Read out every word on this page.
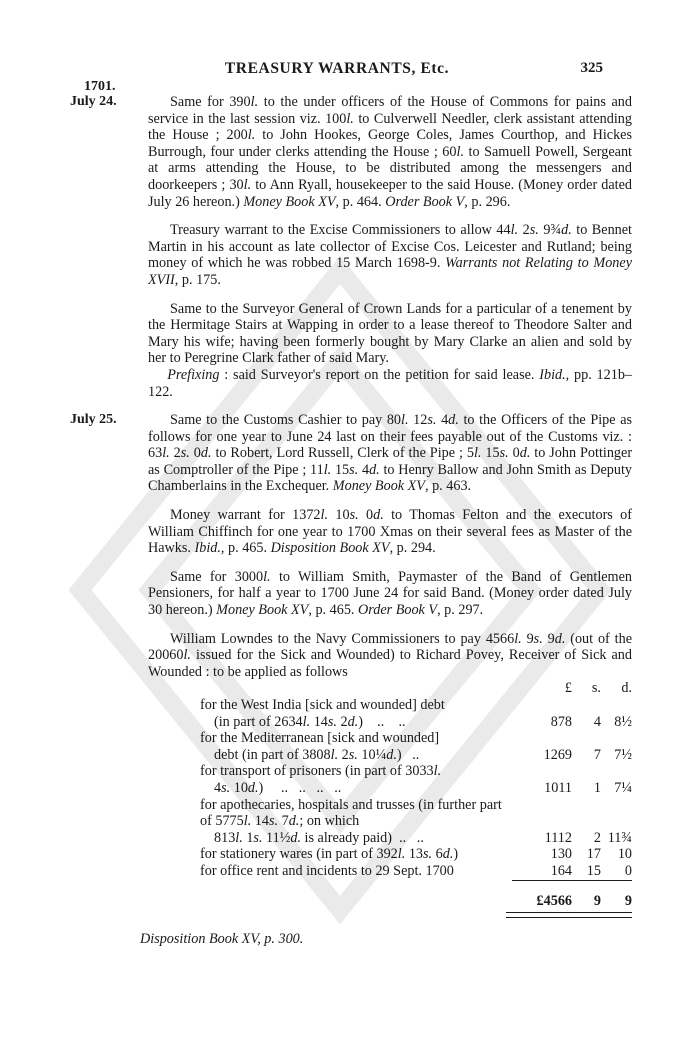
TREASURY WARRANTS, Etc.	325
1701.
July 24.	Same for 390l. to the under officers of the House of Commons for pains and service in the last session viz. 100l. to Culverwell Needler, clerk assistant attending the House ; 200l. to John Hookes, George Coles, James Courthop, and Hickes Burrough, four under clerks attending the House ; 60l. to Samuell Powell, Sergeant at arms attending the House, to be distributed among the messengers and doorkeepers ; 30l. to Ann Ryall, housekeeper to the said House. (Money order dated July 26 hereon.) Money Book XV, p. 464. Order Book V, p. 296.

Treasury warrant to the Excise Commissioners to allow 44l. 2s. 9¾d. to Bennet Martin in his account as late collector of Excise Cos. Leicester and Rutland; being money of which he was robbed 15 March 1698-9. Warrants not Relating to Money XVII, p. 175.

Same to the Surveyor General of Crown Lands for a particular of a tenement by the Hermitage Stairs at Wapping in order to a lease thereof to Theodore Salter and Mary his wife; having been formerly bought by Mary Clarke an alien and sold by her to Peregrine Clark father of said Mary.

Prefixing : said Surveyor's report on the petition for said lease. Ibid., pp. 121b–122.

July 25.	Same to the Customs Cashier to pay 80l. 12s. 4d. to the Officers of the Pipe as follows for one year to June 24 last on their fees payable out of the Customs viz. : 63l. 2s. 0d. to Robert, Lord Russell, Clerk of the Pipe ; 5l. 15s. 0d. to John Pottinger as Comptroller of the Pipe ; 11l. 15s. 4d. to Henry Ballow and John Smith as Deputy Chamberlains in the Exchequer. Money Book XV, p. 463.

Money warrant for 1372l. 10s. 0d. to Thomas Felton and the executors of William Chiffinch for one year to 1700 Xmas on their several fees as Master of the Hawks. Ibid., p. 465. Disposition Book XV, p. 294.

Same for 3000l. to William Smith, Paymaster of the Band of Gentlemen Pensioners, for half a year to 1700 June 24 for said Band. (Money order dated July 30 hereon.) Money Book XV, p. 465. Order Book V, p. 297.

William Lowndes to the Navy Commissioners to pay 4566l. 9s. 9d. (out of the 20060l. issued for the Sick and Wounded) to Richard Povey, Receiver of Sick and Wounded : to be applied as follows

	£	s.	d.
for the West India [sick and wounded] debt
(in part of 2634l. 14s. 2d.)    ..    ..	878	4	8½
for the Mediterranean [sick and wounded]
debt (in part of 3808l. 2s. 10¼d.)   ..	1269	7	7½
for transport of prisoners (in part of 3033l.
4s. 10d.)     ..   ..   ..   ..	1011	1	7¼
for apothecaries, hospitals and trusses (in further part of 5775l. 14s. 7d.; on which
813l. 1s. 11½d. is already paid)  ..   ..	1112	2	11¾
for stationery wares (in part of 392l. 13s. 6d.)	130	17	10
for office rent and incidents to 29 Sept. 1700	164	15	0

	£4566	9	9
Disposition Book XV, p. 300.
